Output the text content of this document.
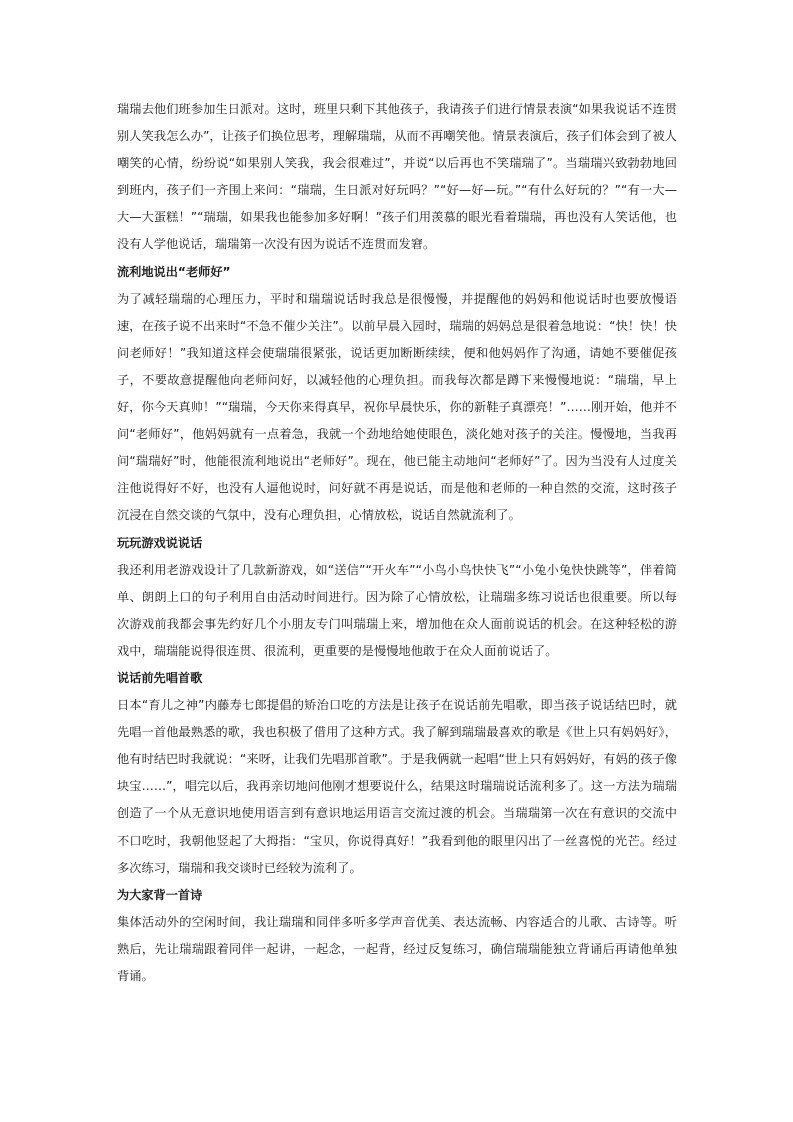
瑞瑞去他们班参加生日派对。这时，班里只剩下其他孩子，我请孩子们进行情景表演“如果我说话不连贯别人笑我怎么办”，让孩子们换位思考，理解瑞瑞，从而不再嘲笑他。情景表演后，孩子们体会到了被人嘲笑的心情，纷纷说“如果别人笑我，我会很难过”，并说“以后再也不笑瑞瑞了”。当瑞瑞兴致勃勃地回到班内，孩子们一齐围上来问：“瑞瑞，生日派对好玩吗？”“好—好—玩。”“有什么好玩的？”“有一大—大—大蛋糕！”“瑞瑞，如果我也能参加多好啊！”孩子们用羡慕的眼光看着瑞瑞，再也没有人笑话他，也没有人学他说话，瑞瑞第一次没有因为说话不连贯而发窘。

流利地说出“老师好”

为了减轻瑞瑞的心理压力，平时和瑞瑞说话时我总是很慢慢，并提醒他的妈妈和他说话时也要放慢语速，在孩子说不出来时“不急不催少关注”。以前早晨入园时，瑞瑞的妈妈总是很着急地说：“快！快！快问老师好！”我知道这样会使瑞瑞很紧张，说话更加断断续续，便和他妈妈作了沟通，请她不要催促孩子，不要故意提醒他向老师问好，以减轻他的心理负担。而我每次都是蹲下来慢慢地说：“瑞瑞，早上好，你今天真帅！”“瑞瑞，今天你来得真早，祝你早晨快乐，你的新鞋子真漂亮！”……刚开始，他并不问“老师好”，他妈妈就有一点着急，我就一个劲地给她使眼色，淡化她对孩子的关注。慢慢地，当我再问“瑞瑞好”时，他能很流利地说出“老师好”。现在，他已能主动地问“老师好”了。因为当没有人过度关注他说得好不好，也没有人逼他说时，问好就不再是说话，而是他和老师的一种自然的交流，这时孩子沉浸在自然交谈的气氛中，没有心理负担，心情放松，说话自然就流利了。

玩玩游戏说说话

我还利用老游戏设计了几款新游戏，如“送信”“开火车”“小鸟小鸟快快飞”“小兔小兔快快跳等”，伴着简单、朗朗上口的句子利用自由活动时间进行。因为除了心情放松，让瑞瑞多练习说话也很重要。所以每次游戏前我都会事先约好几个小朋友专门叫瑞瑞上来，增加他在众人面前说话的机会。在这种轻松的游戏中，瑞瑞能说得很连贯、很流利，更重要的是慢慢地他敢于在众人面前说话了。

说话前先唱首歌

日本“育儿之神”内藤寿七郎提倡的矫治口吃的方法是让孩子在说话前先唱歌，即当孩子说话结巴时，就先唱一首他最熟悉的歌，我也积极了借用了这种方式。我了解到瑞瑞最喜欢的歌是《世上只有妈妈好》，他有时结巴时我就说：“来呀，让我们先唱那首歌”。于是我俩就一起唱“世上只有妈妈好，有妈的孩子像块宝……”，唱完以后，我再亲切地问他刚才想要说什么，结果这时瑞瑞说话流利多了。这一方法为瑞瑞创造了一个从无意识地使用语言到有意识地运用语言交流过渡的机会。当瑞瑞第一次在有意识的交流中不口吃时，我朝他竖起了大拇指：“宝贝，你说得真好！”我看到他的眼里闪出了一丝喜悦的光芒。经过多次练习，瑞瑞和我交谈时已经较为流利了。

为大家背一首诗

集体活动外的空闲时间，我让瑞瑞和同伴多听多学声音优美、表达流畅、内容适合的儿歌、古诗等。听熟后，先让瑞瑞跟着同伴一起讲，一起念，一起背，经过反复练习，确信瑞瑞能独立背诵后再请他单独背诵。
